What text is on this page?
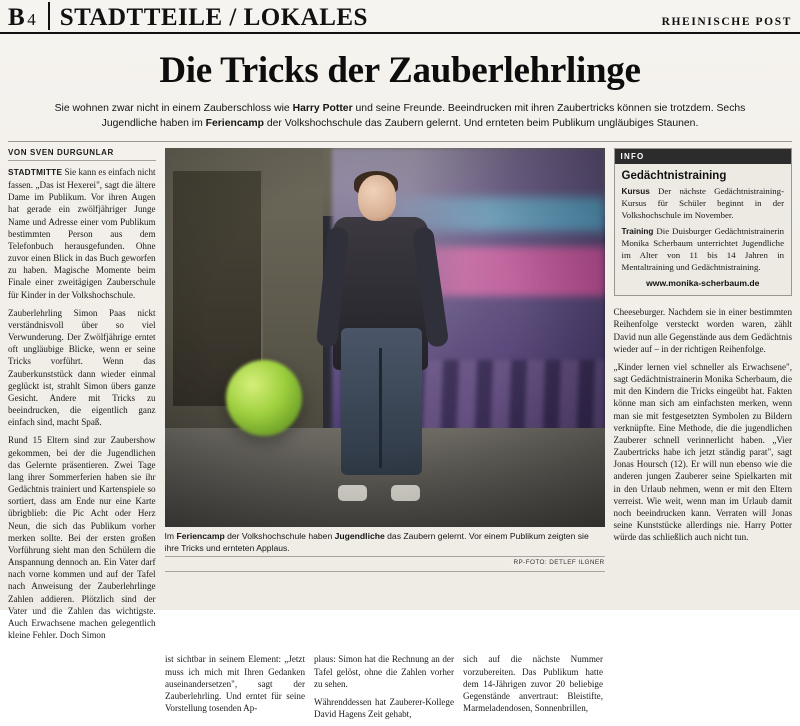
B 4 STADTTEILE / LOKALES	RHEINISCHE POST
Die Tricks der Zauberlehrlinge
Sie wohnen zwar nicht in einem Zauberschloss wie Harry Potter und seine Freunde. Beeindrucken mit ihren Zaubertricks können sie trotzdem. Sechs Jugendliche haben im Feriencamp der Volkshochschule das Zaubern gelernt. Und ernteten beim Publikum ungläubiges Staunen.
VON SVEN DURGUNLAR

STADTMITTE Sie kann es einfach nicht fassen. „Das ist Hexerei", sagt die ältere Dame im Publikum. Vor ihren Augen hat gerade ein zwölfjähriger Junge Name und Adresse einer vom Publikum bestimmten Person aus dem Telefonbuch herausgefunden. Ohne zuvor einen Blick in das Buch geworfen zu haben. Magische Momente beim Finale einer zweitägigen Zauberschule für Kinder in der Volkshochschule.

Zauberlehrling Simon Paas nickt verständnisvoll über so viel Verwunderung. Der Zwölfjährige erntet oft ungläubige Blicke, wenn er seine Tricks vorführt. Wenn das Zauberkunststück dann wieder einmal geglückt ist, strahlt Simon übers ganze Gesicht. Andere mit Tricks zu beeindrucken, die eigentlich ganz einfach sind, macht Spaß.

Rund 15 Eltern sind zur Zaubershow gekommen, bei der die Jugendlichen das Gelernte präsentieren. Zwei Tage lang ihrer Sommerferien haben sie ihr Gedächtnis trainiert und Kartenspiele so sortiert, dass am Ende nur eine Karte übrigblieb: die Pic Acht oder Herz Neun, die sich das Publikum vorher merken sollte. Bei der ersten großen Vorführung sieht man den Schülern die Anspannung dennoch an. Ein Vater darf nach vorne kommen und auf der Tafel nach Anweisung der Zauberlehrlinge Zahlen addieren. Plötzlich sind der Vater und die Zahlen das wichtigste. Auch Erwachsene machen gelegentlich kleine Fehler. Doch Simon

Im Feriencamp der Volkshochschule haben Jugendliche das Zaubern gelernt. Vor einem Publikum zeigten sie ihre Tricks und ernteten Applaus.
RP-FOTO: DETLEF ILGNER
INFO
Gedächtnistraining

Kursus Der nächste Gedächtnistraining-Kursus für Schüler beginnt in der Volkshochschule im November.

Training Die Duisburger Gedächtnistrainerin Monika Scherbaum unterrichtet Jugendliche im Alter von 11 bis 14 Jahren in Mentaltraining und Gedächtnistraining.

www.monika-scherbaum.de

Cheeseburger. Nachdem sie in einer bestimmten Reihenfolge versteckt worden waren, zählt David nun alle Gegenstände aus dem Gedächtnis wieder auf – in der richtigen Reihenfolge.

„Kinder lernen viel schneller als Erwachsene", sagt Gedächtnistrainerin Monika Scherbaum, die mit den Kindern die Tricks eingeübt hat. Fakten könne man sich am einfachsten merken, wenn man sie mit festgesetzten Symbolen zu Bildern verknüpfte. Eine Methode, die die jugendlichen Zauberer schnell verinnerlicht haben. „Vier Zaubertricks habe ich jetzt ständig parat", sagt Jonas Hoursch (12). Er will nun ebenso wie die anderen jungen Zauberer seine Spielkarten mit in den Urlaub nehmen, wenn er mit den Eltern verreist. Wie weit, wenn man im Urlaub damit noch beeindrucken kann. Verraten will Jonas seine Kunststücke allerdings nie. Harry Potter würde das schließlich auch nicht tun.

ist sichtbar in seinem Element: „Jetzt muss ich mich mit Ihren Gedanken auseinandersetzen", sagt der Zauberlehrling. Und erntet für seine Vorstellung tosenden Ap-

plaus: Simon hat die Rechnung an der Tafel gelöst, ohne die Zahlen vorher zu sehen.

Währenddessen hat Zauberer-Kollege David Hagens Zeit gehabt,

sich auf die nächste Nummer vorzubereiten. Das Publikum hatte dem 14-Jährigen zuvor 20 beliebige Gegenstände anvertraut: Bleistifte, Marmeladendosen, Sonnenbrillen,
